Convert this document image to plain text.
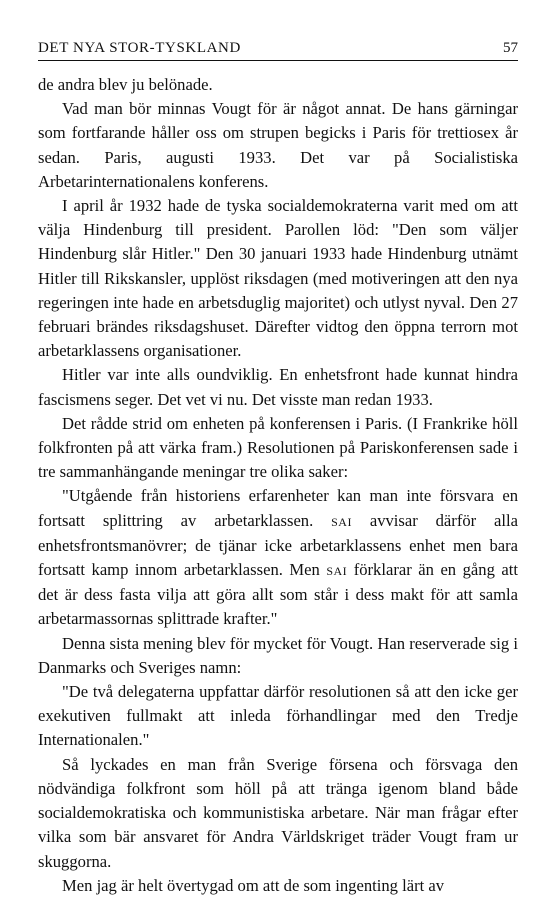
DET NYA STOR-TYSKLAND	57

de andra blev ju belönade.

Vad man bör minnas Vougt för är något annat. De hans gärningar som fortfarande håller oss om strupen begicks i Paris för trettiosex år sedan. Paris, augusti 1933. Det var på Socialistiska Arbetarinternationalens konferens.

I april år 1932 hade de tyska socialdemokraterna varit med om att välja Hindenburg till president. Parollen löd: "Den som väljer Hindenburg slår Hitler." Den 30 januari 1933 hade Hindenburg utnämt Hitler till Rikskansler, upplöst riksdagen (med motiveringen att den nya regeringen inte hade en arbetsduglig majoritet) och utlyst nyval. Den 27 februari brändes riksdagshuset. Därefter vidtog den öppna terrorn mot arbetarklassens organisationer.

Hitler var inte alls oundviklig. En enhetsfront hade kunnat hindra fascismens seger. Det vet vi nu. Det visste man redan 1933.

Det rådde strid om enheten på konferensen i Paris. (I Frankrike höll folkfronten på att värka fram.) Resolutionen på Pariskonferensen sade i tre sammanhängande meningar tre olika saker:

"Utgående från historiens erfarenheter kan man inte försvara en fortsatt splittring av arbetarklassen. SAI avvisar därför alla enhetsfrontsmanövrer; de tjänar icke arbetarklassens enhet men bara fortsatt kamp innom arbetarklassen. Men SAI förklarar än en gång att det är dess fasta vilja att göra allt som står i dess makt för att samla arbetarmassornas splittrade krafter."

Denna sista mening blev för mycket för Vougt. Han reserverade sig i Danmarks och Sveriges namn:

"De två delegaterna uppfattar därför resolutionen så att den icke ger exekutiven fullmakt att inleda förhandlingar med den Tredje Internationalen."

Så lyckades en man från Sverige försena och försvaga den nödvändiga folkfront som höll på att tränga igenom bland både socialdemokratiska och kommunistiska arbetare. När man frågar efter vilka som bär ansvaret för Andra Världskriget träder Vougt fram ur skuggorna.

Men jag är helt övertygad om att de som ingenting lärt av
